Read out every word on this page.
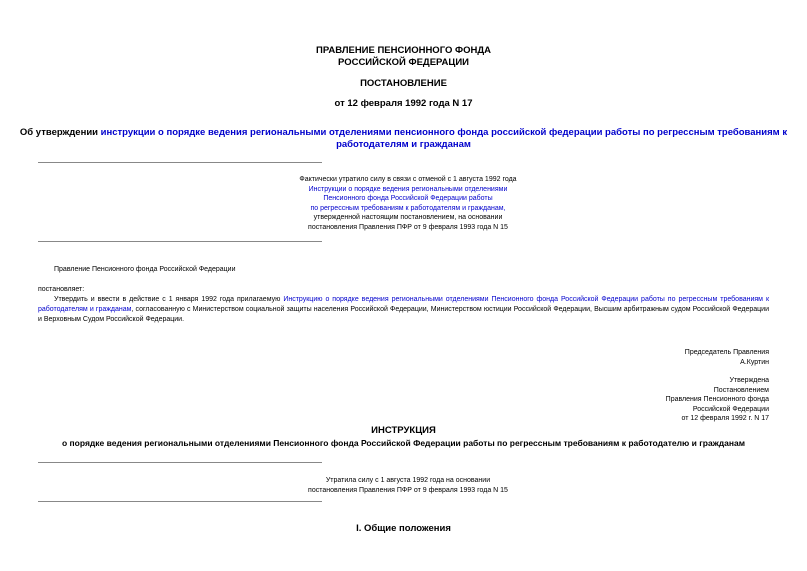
ПРАВЛЕНИЕ ПЕНСИОННОГО ФОНДА
РОССИЙСКОЙ ФЕДЕРАЦИИ
ПОСТАНОВЛЕНИЕ
от 12 февраля 1992 года N 17
Об утверждении инструкции о порядке ведения региональными отделениями пенсионного фонда российской федерации работы по регрессным требованиям к
работодателям и гражданам
Фактически утратило силу в связи с отменой с 1 августа 1992 года
Инструкции о порядке ведения региональными отделениями
Пенсионного фонда Российской Федерации работы
по регрессным требованиям к работодателям и гражданам,
утвержденной настоящим постановлением, на основании
постановления Правления ПФР от 9 февраля 1993 года N 15
Правление Пенсионного фонда Российской Федерации
постановляет:
Утвердить и ввести в действие с 1 января 1992 года прилагаемую Инструкцию о порядке ведения региональными отделениями Пенсионного фонда Российской Федерации работы по регрессным требованиям к работодателям и гражданам, согласованную с Министерством социальной защиты населения Российской Федерации, Министерством юстиции Российской Федерации, Высшим арбитражным судом Российской Федерации и Верховным Судом Российской Федерации.
Председатель Правления
А.Куртин
Утверждена
Постановлением
Правления Пенсионного фонда
Российской Федерации
от 12 февраля 1992 г. N 17
ИНСТРУКЦИЯ
о порядке ведения региональными отделениями Пенсионного фонда Российской Федерации работы по регрессным требованиям к работодателю и гражданам
Утратила силу с 1 августа 1992 года на основании
постановления Правления ПФР от 9 февраля 1993 года N 15
I. Общие положения
